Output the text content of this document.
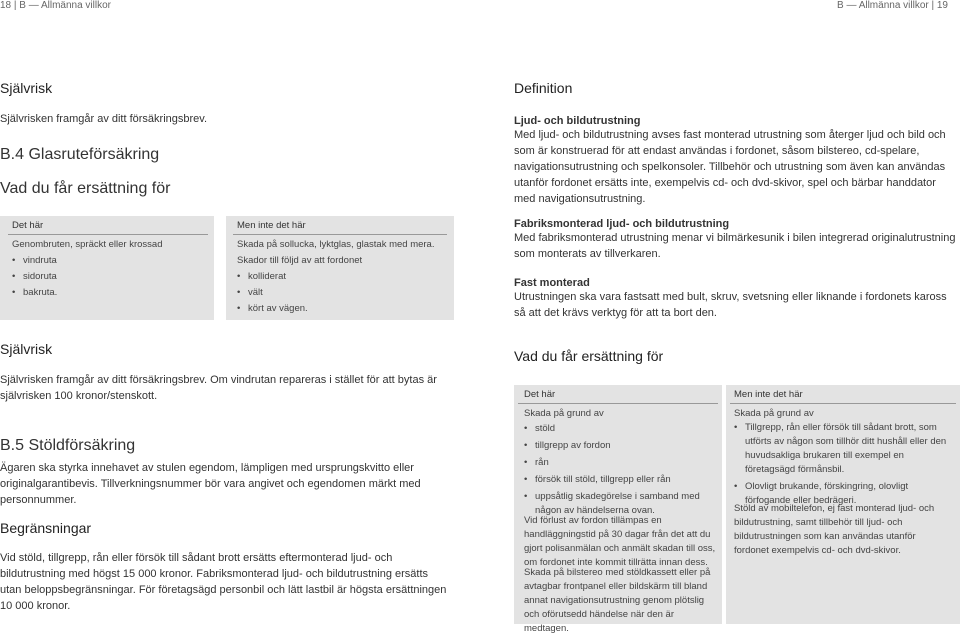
18 | B — Allmänna villkor	B — Allmänna villkor | 19
Självrisk
Självrisken framgår av ditt försäkringsbrev.
B.4 Glasruteförsäkring
Vad du får ersättning för
Det här	Men inte det här
Genombruten, spräckt eller krossad
• vindruta
• sidoruta
• bakruta.
Skada på sollucka, lyktglas, glastak med mera.
Skador till följd av att fordonet
• kolliderat
• vält
• kört av vägen.
Självrisk
Självrisken framgår av ditt försäkringsbrev. Om vindrutan repareras i stället för att bytas är självrisken 100 kronor/stenskott.
B.5 Stöldförsäkring
Ägaren ska styrka innehavet av stulen egendom, lämpligen med ursprungskvitto eller originalgarantibevis. Tillverkningsnummer bör vara angivet och egendomen märkt med personnummer.
Begränsningar
Vid stöld, tillgrepp, rån eller försök till sådant brott ersätts eftermonterad ljud- och bildutrustning med högst 15 000 kronor. Fabriksmonterad ljud- och bildutrustning ersätts utan beloppsbegränsningar. För företagsägd personbil och lätt lastbil är högsta ersättningen 10 000 kronor.
Definition
Ljud- och bildutrustning
Med ljud- och bildutrustning avses fast monterad utrustning som återger ljud och bild och som är konstruerad för att endast användas i fordonet, såsom bilstereo, cd-spelare, navigationsutrustning och spelkonsoler. Tillbehör och utrustning som även kan användas utanför fordonet ersätts inte, exempelvis cd- och dvd-skivor, spel och bärbar handdator med navigationsutrustning.
Fabriksmonterad ljud- och bildutrustning
Med fabriksmonterad utrustning menar vi bilmärkesunik i bilen integrerad originalutrustning som monterats av tillverkaren.
Fast monterad
Utrustningen ska vara fastsatt med bult, skruv, svetsning eller liknande i fordonets kaross så att det krävs verktyg för att ta bort den.
Vad du får ersättning för
Det här	Men inte det här
Skada på grund av
• stöld
• tillgrepp av fordon
• rån
• försök till stöld, tillgrepp eller rån
• uppsåtlig skadegörelse i samband med någon av händelserna ovan.
Vid förlust av fordon tillämpas en handläggningstid på 30 dagar från det att du gjort polisanmälan och anmält skadan till oss, om fordonet inte kommit tillrätta innan dess.
Skada på bilstereo med stöldkassett eller på avtagbar frontpanel eller bildskärm till bland annat navigationsutrustning genom plötslig och oförutsedd händelse när den är medtagen.
Skada på grund av
• Tillgrepp, rån eller försök till sådant brott, som utförts av någon som tillhör ditt hushåll eller den huvudsakliga brukaren till exempel en företagsägd förmånsbil.
• Olovligt brukande, förskingring, olovligt förfogande eller bedrägeri.
Stöld av mobiltelefon, ej fast monterad ljud- och bildutrustning, samt tillbehör till ljud- och bildutrustningen som kan användas utanför fordonet exempelvis cd- och dvd-skivor.
